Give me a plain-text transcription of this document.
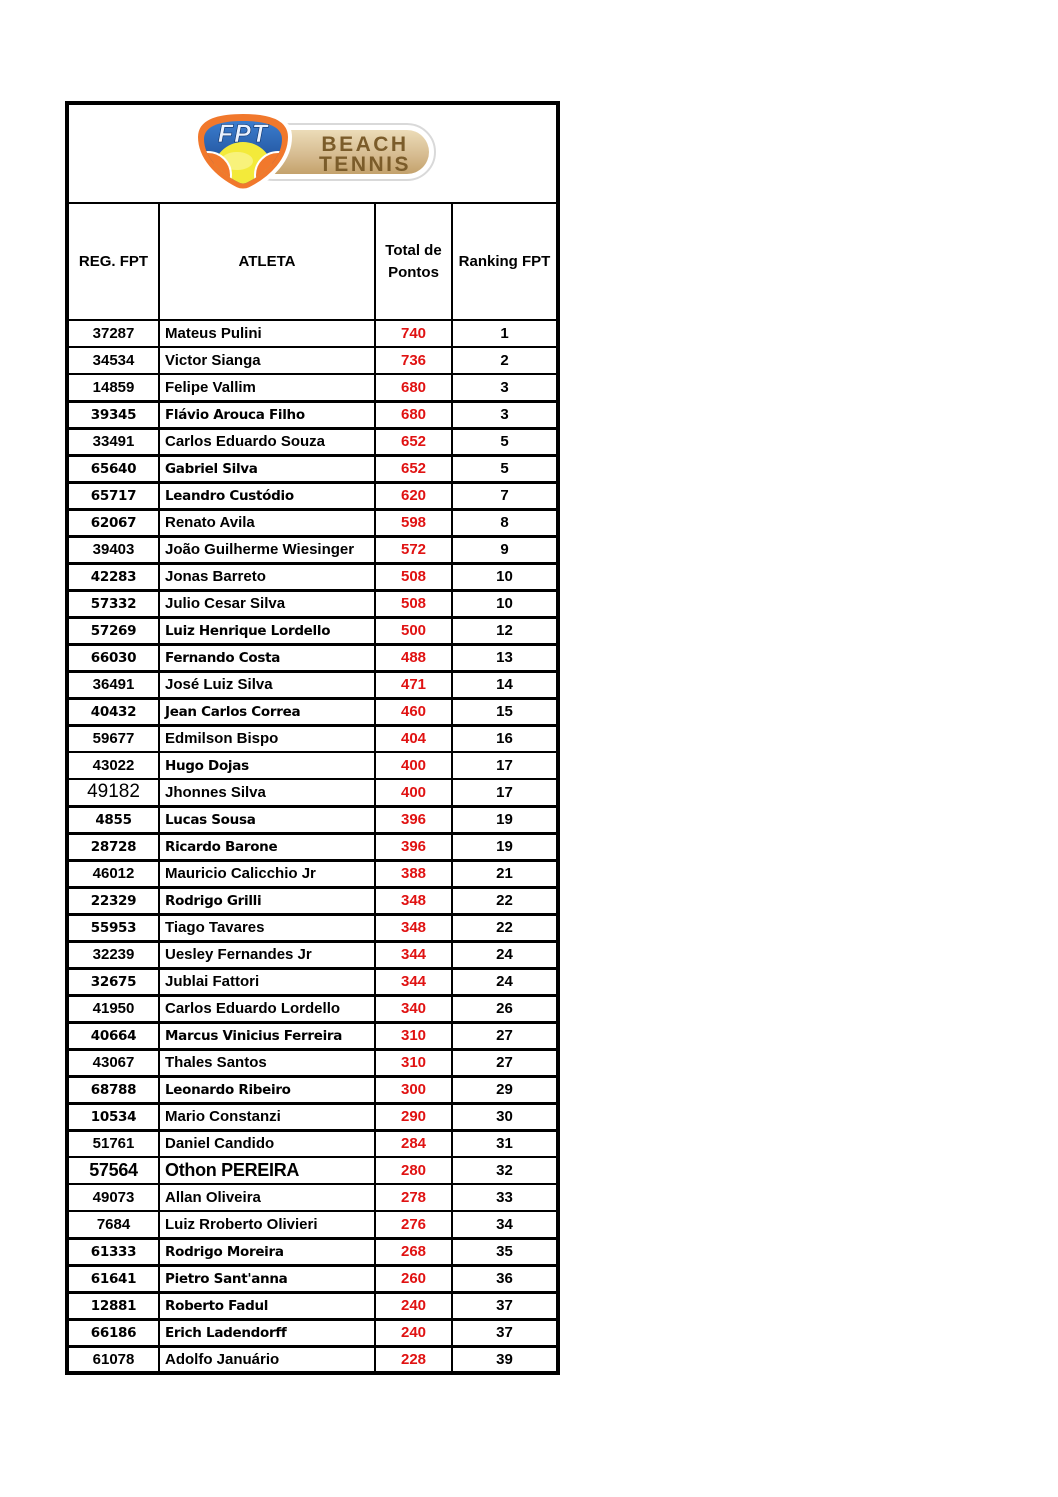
BEACH
TENNIS
FPT			

REG. FPT	ATLETA	Total de Pontos	Ranking FPT
37287	Mateus Pulini	740	1
34534	Victor Sianga	736	2
14859	Felipe Vallim	680	3
39345	Flávio Arouca Filho	680	3
33491	Carlos Eduardo Souza	652	5
65640	Gabriel Silva	652	5
65717	Leandro Custódio	620	7
62067	Renato Avila	598	8
39403	João Guilherme Wiesinger	572	9
42283	Jonas Barreto	508	10
57332	Julio Cesar Silva	508	10
57269	Luiz Henrique Lordello	500	12
66030	Fernando Costa	488	13
36491	José Luiz Silva	471	14
40432	Jean Carlos Correa	460	15
59677	Edmilson Bispo	404	16
43022	Hugo Dojas	400	17
49182	Jhonnes Silva	400	17
4855	Lucas Sousa	396	19
28728	Ricardo Barone	396	19
46012	Mauricio Calicchio Jr	388	21
22329	Rodrigo Grilli	348	22
55953	Tiago Tavares	348	22
32239	Uesley Fernandes Jr	344	24
32675	Jublai Fattori	344	24
41950	Carlos Eduardo Lordello	340	26
40664	Marcus Vinicius Ferreira	310	27
43067	Thales Santos	310	27
68788	Leonardo Ribeiro	300	29
10534	Mario Constanzi	290	30
51761	Daniel Candido	284	31
57564	Othon PEREIRA	280	32
49073	Allan Oliveira	278	33
7684	Luiz Rroberto Olivieri	276	34
61333	Rodrigo Moreira	268	35
61641	Pietro Sant'anna	260	36
12881	Roberto Fadul	240	37
66186	Erich Ladendorff	240	37
61078	Adolfo Januário	228	39
